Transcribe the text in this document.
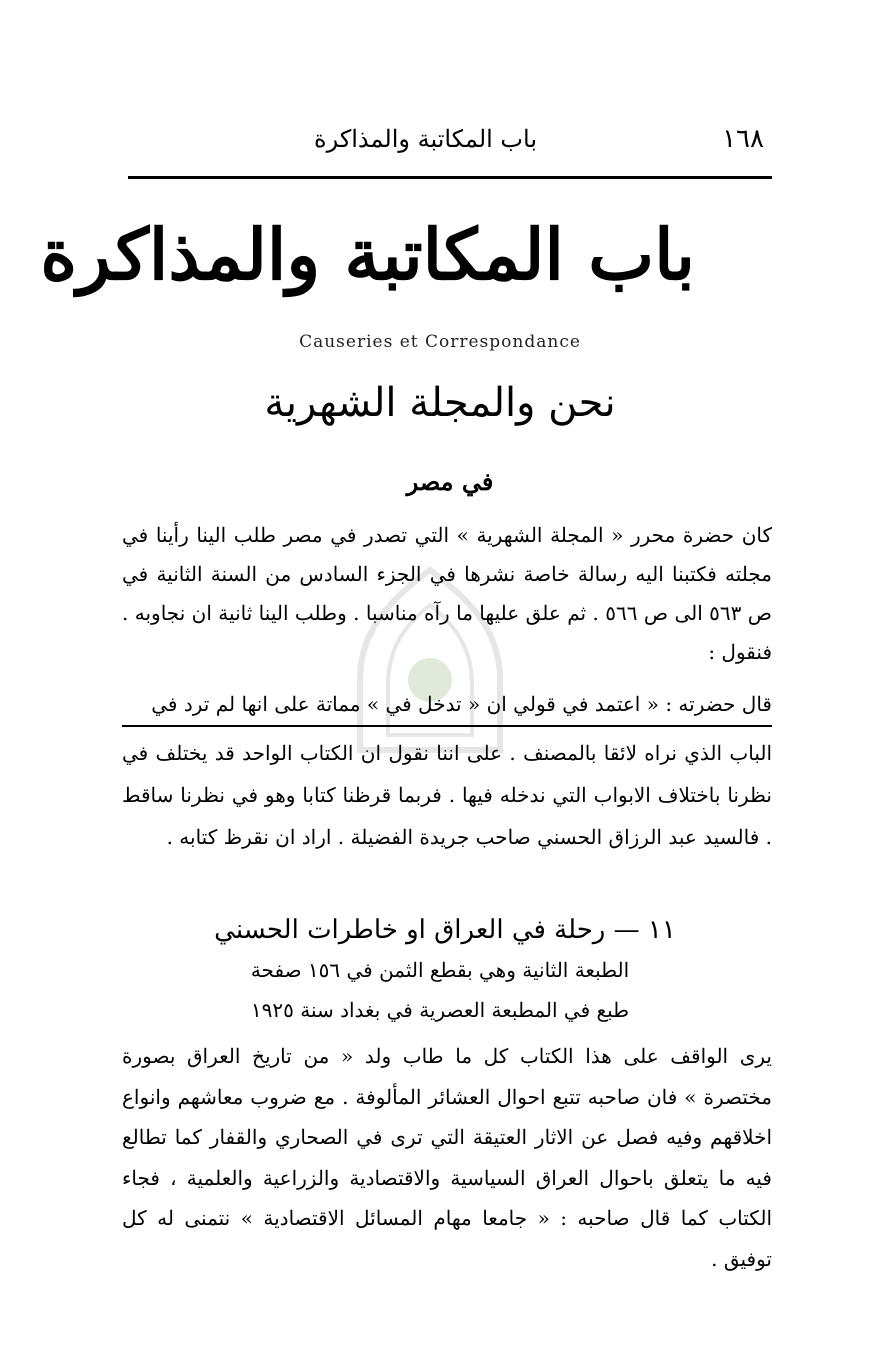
١٦٨
باب المكاتبة والمذاكرة
باب المكاتبة والمذاكرة
Causeries et Correspondance
نحن والمجلة الشهرية
في مصر
كان حضرة محرر « المجلة الشهرية » التي تصدر في مصر طلب الينا رأينا في مجلته فكتبنا اليه رسالة خاصة نشرها في الجزء السادس من السنة الثانية في ص ٥٦٣ الى ص ٥٦٦ . ثم علق عليها ما رآه مناسبا . وطلب الينا ثانية ان نجاوبه . فنقول :
قال حضرته : « اعتمد في قولي ان « تدخل في » مماتة على انها لم ترد في
الباب الذي نراه لائقا بالمصنف . على اننا نقول ان الكتاب الواحد قد يختلف في نظرنا باختلاف الابواب التي ندخله فيها . فربما قرظنا كتابا وهو في نظرنا ساقط . فالسيد عبد الرزاق الحسني صاحب جريدة الفضيلة . اراد ان نقرظ كتابه .
١١ — رحلة في العراق او خاطرات الحسني
الطبعة الثانية وهي بقطع الثمن في ١٥٦ صفحة
طبع في المطبعة العصرية في بغداد سنة ١٩٢٥
يرى الواقف على هذا الكتاب كل ما طاب ولد « من تاريخ العراق بصورة مختصرة » فان صاحبه تتبع احوال العشائر المألوفة . مع ضروب معاشهم وانواع اخلاقهم وفيه فصل عن الاثار العتيقة التي ترى في الصحاري والقفار كما تطالع فيه ما يتعلق باحوال العراق السياسية والاقتصادية والزراعية والعلمية ، فجاء الكتاب كما قال صاحبه : « جامعا مهام المسائل الاقتصادية » نتمنى له كل توفيق .
